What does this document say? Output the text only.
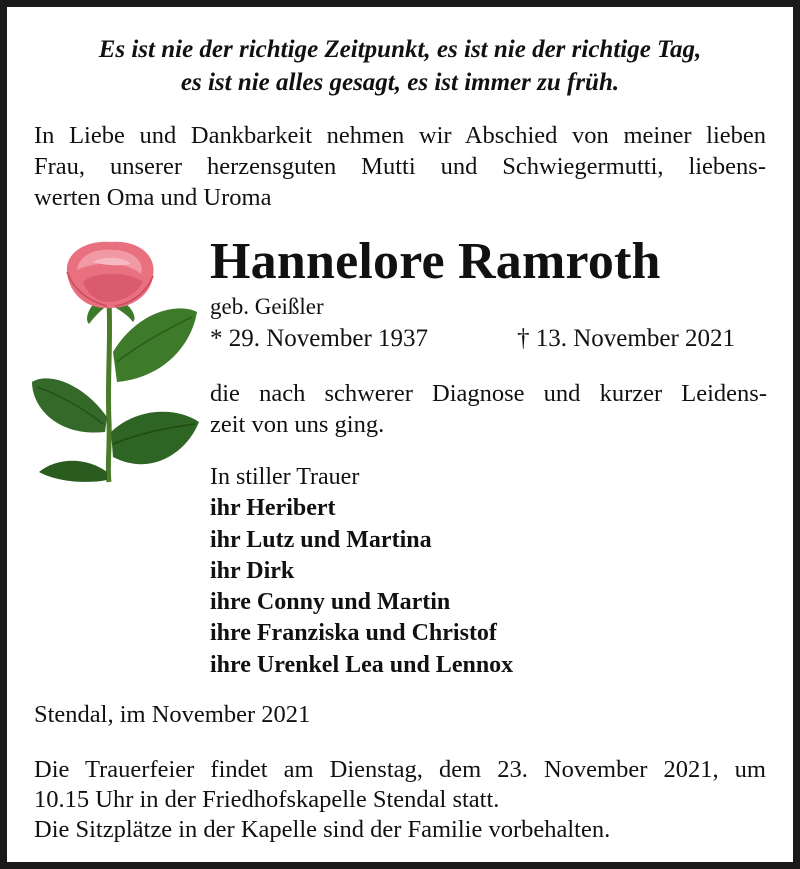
Es ist nie der richtige Zeitpunkt, es ist nie der richtige Tag,
es ist nie alles gesagt, es ist immer zu früh.
In Liebe und Dankbarkeit nehmen wir Abschied von meiner lieben
Frau, unserer herzensguten Mutti und Schwiegermutti, liebens-
werten Oma und Uroma
Hannelore Ramroth
geb. Geißler
* 29. November 1937	† 13. November 2021
die nach schwerer Diagnose und kurzer Leidens-
zeit von uns ging.
In stiller Trauer
ihr Heribert
ihr Lutz und Martina
ihr Dirk
ihre Conny und Martin
ihre Franziska und Christof
ihre Urenkel Lea und Lennox
Stendal, im November 2021
Die Trauerfeier findet am Dienstag, dem 23. November 2021, um
10.15 Uhr in der Friedhofskapelle Stendal statt.
Die Sitzplätze in der Kapelle sind der Familie vorbehalten.
